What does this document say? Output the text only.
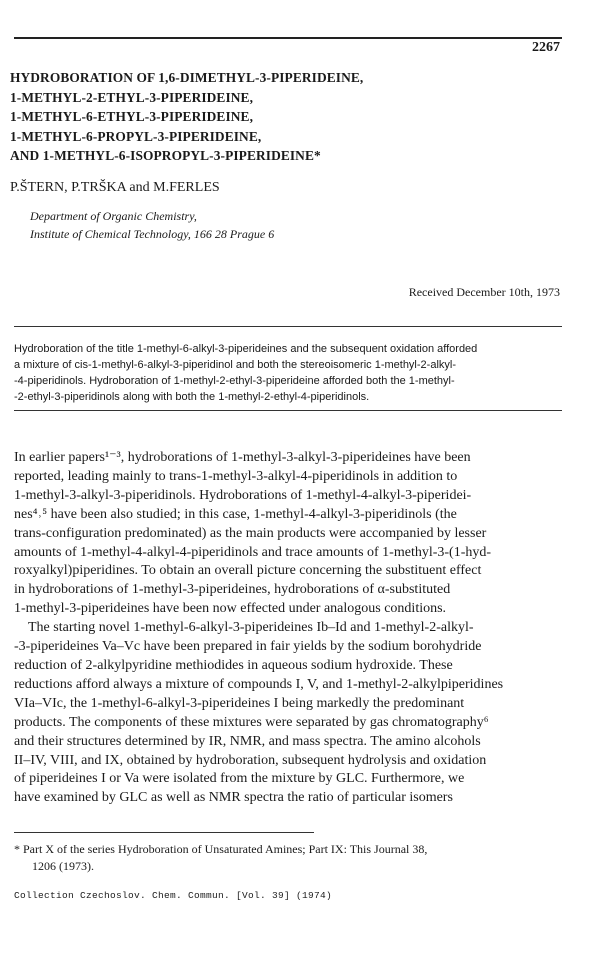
2267
HYDROBORATION OF 1,6-DIMETHYL-3-PIPERIDEINE,
1-METHYL-2-ETHYL-3-PIPERIDEINE,
1-METHYL-6-ETHYL-3-PIPERIDEINE,
1-METHYL-6-PROPYL-3-PIPERIDEINE,
AND 1-METHYL-6-ISOPROPYL-3-PIPERIDEINE*
P.ŠTERN, P.TRŠKA and M.FERLES
Department of Organic Chemistry,
Institute of Chemical Technology, 166 28 Prague 6
Received December 10th, 1973
Hydroboration of the title 1-methyl-6-alkyl-3-piperideines and the subsequent oxidation afforded
a mixture of cis-1-methyl-6-alkyl-3-piperidinol and both the stereoisomeric 1-methyl-2-alkyl-
-4-piperidinols. Hydroboration of 1-methyl-2-ethyl-3-piperideine afforded both the 1-methyl-
-2-ethyl-3-piperidinols along with both the 1-methyl-2-ethyl-4-piperidinols.
In earlier papers¹⁻³, hydroborations of 1-methyl-3-alkyl-3-piperideines have been
reported, leading mainly to trans-1-methyl-3-alkyl-4-piperidinols in addition to
1-methyl-3-alkyl-3-piperidinols. Hydroborations of 1-methyl-4-alkyl-3-piperidei-
nes⁴˒⁵ have been also studied; in this case, 1-methyl-4-alkyl-3-piperidinols (the
trans-configuration predominated) as the main products were accompanied by lesser
amounts of 1-methyl-4-alkyl-4-piperidinols and trace amounts of 1-methyl-3-(1-hyd-
roxyalkyl)piperidines. To obtain an overall picture concerning the substituent effect
in hydroborations of 1-methyl-3-piperideines, hydroborations of α-substituted
1-methyl-3-piperideines have been now effected under analogous conditions.
The starting novel 1-methyl-6-alkyl-3-piperideines Ib–Id and 1-methyl-2-alkyl-
-3-piperideines Va–Vc have been prepared in fair yields by the sodium borohydride
reduction of 2-alkylpyridine methiodides in aqueous sodium hydroxide. These
reductions afford always a mixture of compounds I, V, and 1-methyl-2-alkylpiperidines
VIa–VIc, the 1-methyl-6-alkyl-3-piperideines I being markedly the predominant
products. The components of these mixtures were separated by gas chromatography⁶
and their structures determined by IR, NMR, and mass spectra. The amino alcohols
II–IV, VIII, and IX, obtained by hydroboration, subsequent hydrolysis and oxidation
of piperideines I or Va were isolated from the mixture by GLC. Furthermore, we
have examined by GLC as well as NMR spectra the ratio of particular isomers
* Part X of the series Hydroboration of Unsaturated Amines; Part IX: This Journal 38,
1206 (1973).
Collection Czechoslov. Chem. Commun. [Vol. 39] (1974)
